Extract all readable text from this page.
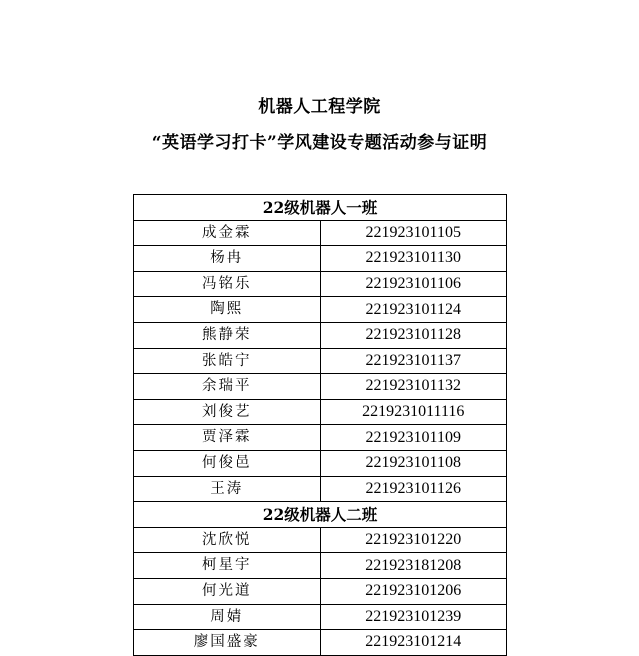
机器人工程学院
“英语学习打卡”学风建设专题活动参与证明
22级机器人一班	
成金霖	221923101105
杨冉	221923101130
冯铭乐	221923101106
陶熙	221923101124
熊静荣	221923101128
张皓宁	221923101137
余瑞平	221923101132
刘俊艺	2219231011116
贾泽霖	221923101109
何俊邑	221923101108
王涛	221923101126
22级机器人二班	
沈欣悦	221923101220
柯星宇	221923181208
何光道	221923101206
周婧	221923101239
廖国盛豪	221923101214
